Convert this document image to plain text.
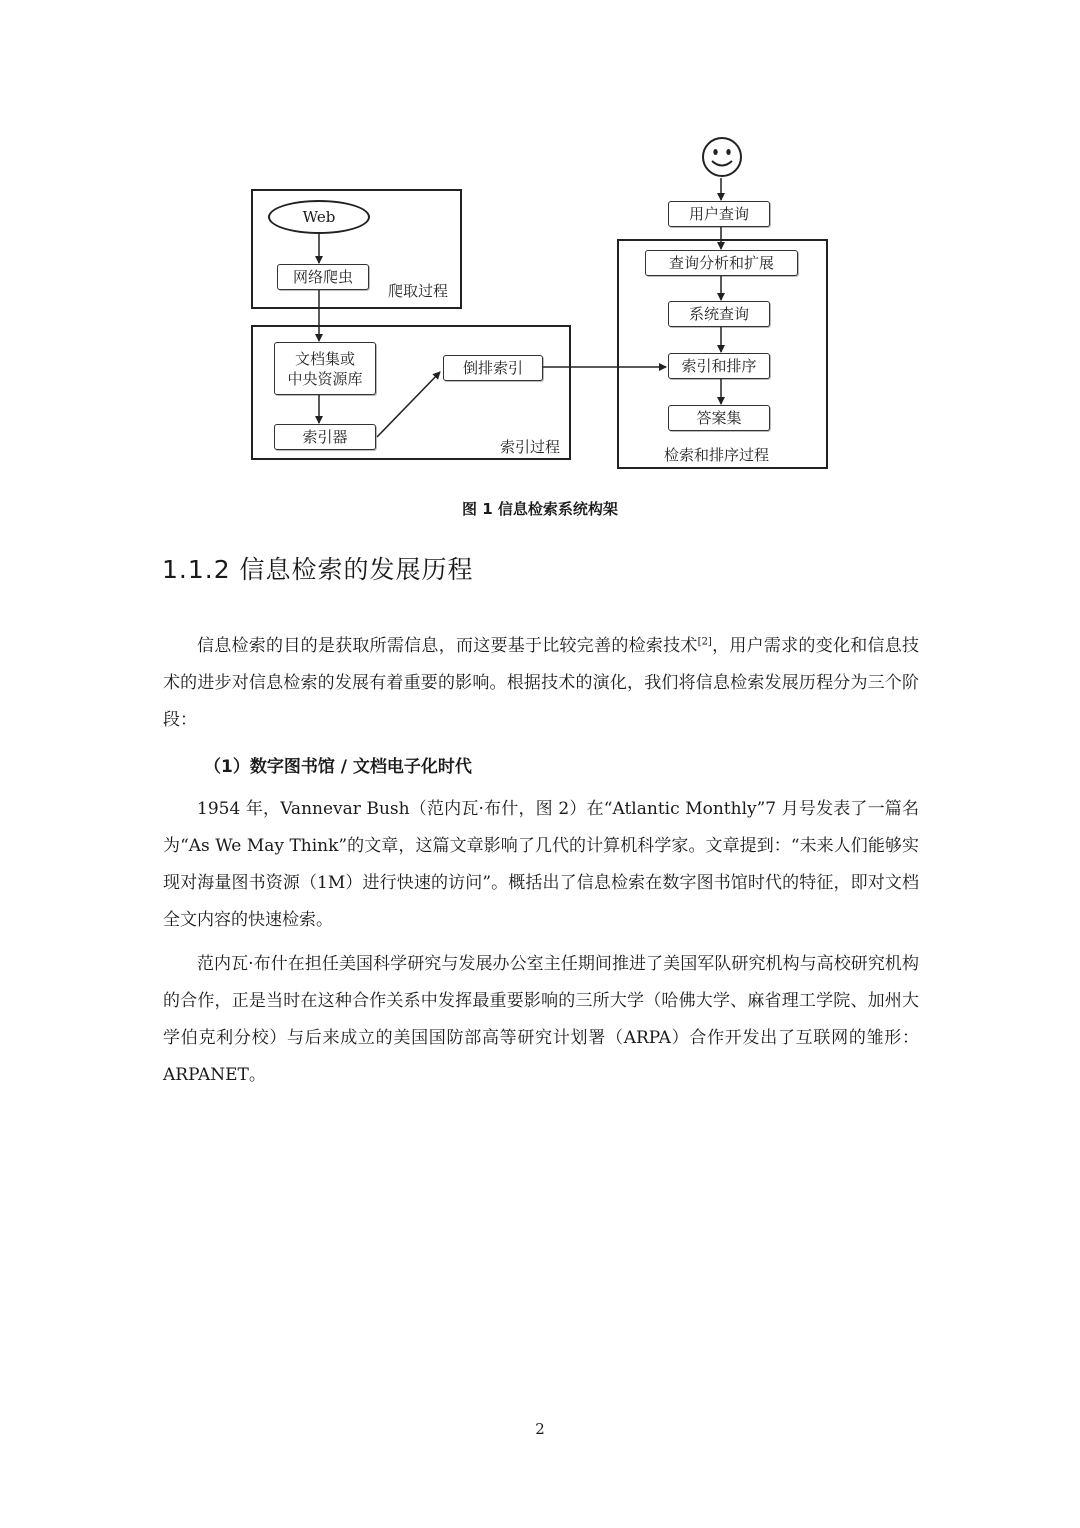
爬取过程
索引过程	检索和排序过程
Web
网络爬虫
文档集或
中央资源库
索引器
倒排索引
用户查询
查询分析和扩展
系统查询
索引和排序
答案集
图 1 信息检索系统构架
1.1.2 信息检索的发展历程

信息检索的目的是获取所需信息，而这要基于比较完善的检索技术[2]，用户需求的变化和信息技术的进步对信息检索的发展有着重要的影响。根据技术的演化，我们将信息检索发展历程分为三个阶段：

（1）数字图书馆 / 文档电子化时代

1954 年，Vannevar Bush（范内瓦·布什，图 2）在“Atlantic Monthly”7 月号发表了一篇名为“As We May Think”的文章，这篇文章影响了几代的计算机科学家。文章提到：“未来人们能够实现对海量图书资源（1M）进行快速的访问”。概括出了信息检索在数字图书馆时代的特征，即对文档全文内容的快速检索。

范内瓦·布什在担任美国科学研究与发展办公室主任期间推进了美国军队研究机构与高校研究机构的合作，正是当时在这种合作关系中发挥最重要影响的三所大学（哈佛大学、麻省理工学院、加州大学伯克利分校）与后来成立的美国国防部高等研究计划署（ARPA）合作开发出了互联网的雏形：ARPANET。

2
